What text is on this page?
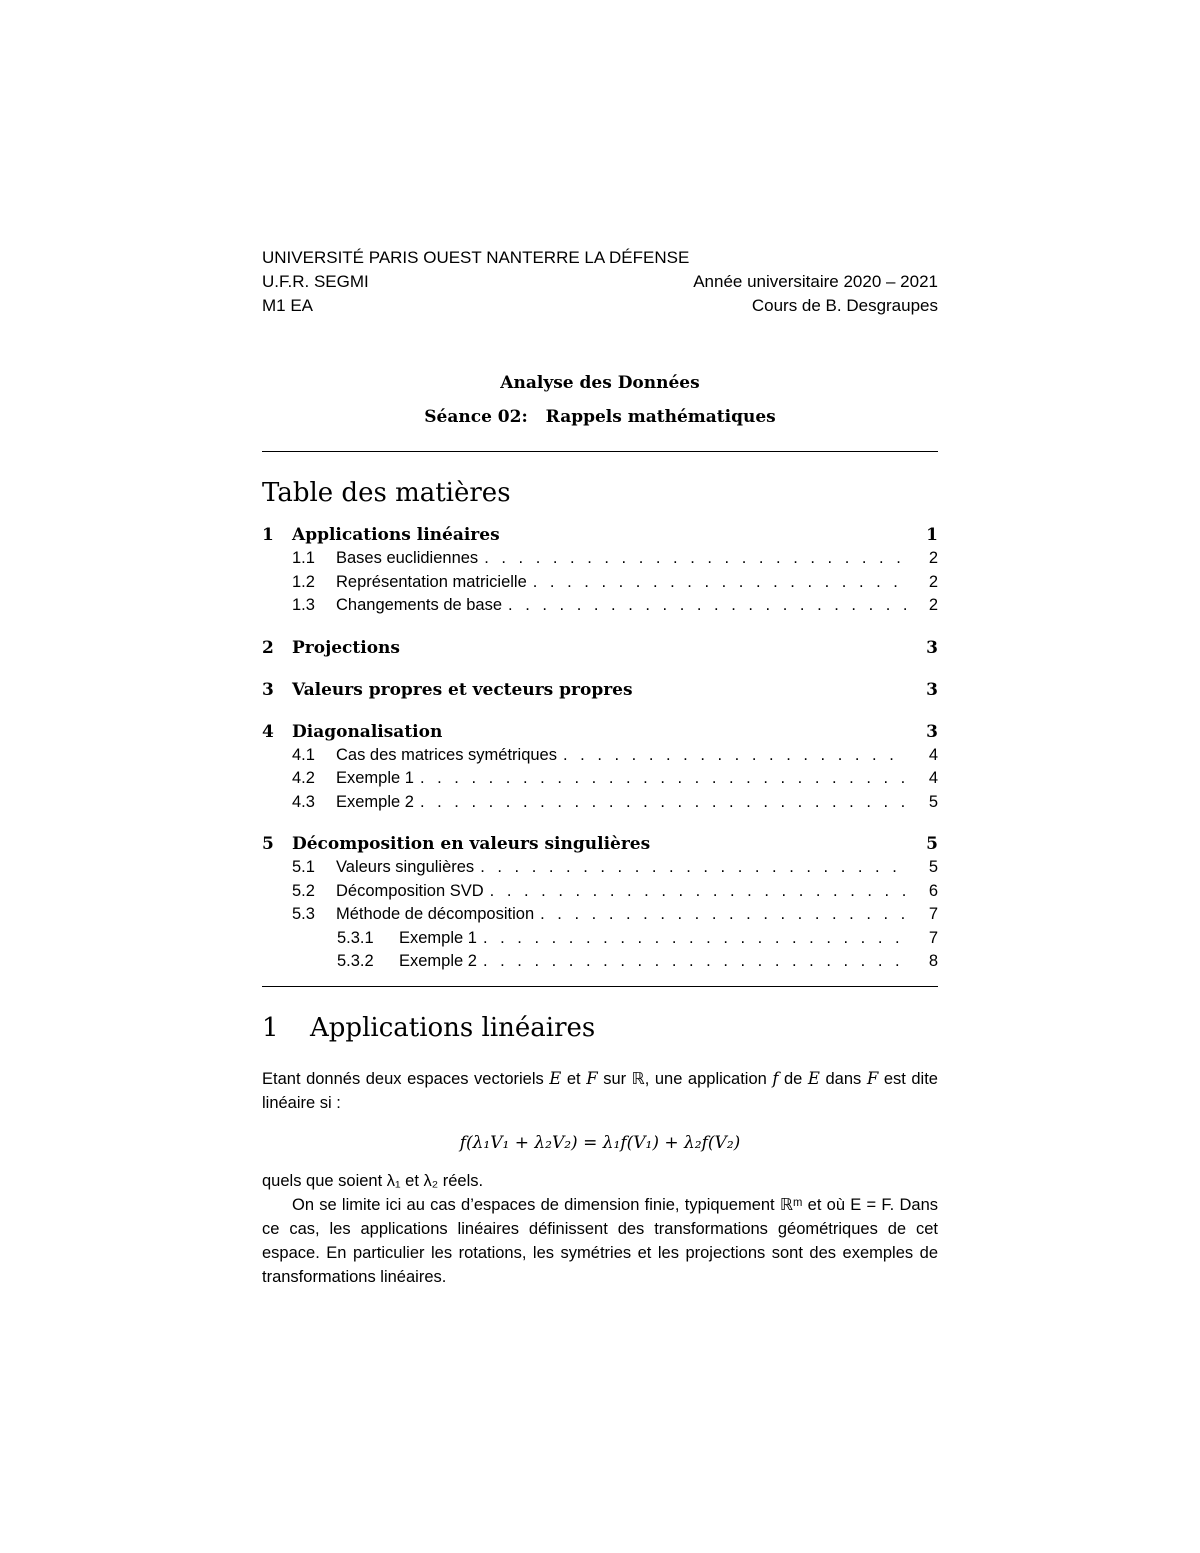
UNIVERSITÉ PARIS OUEST NANTERRE LA DÉFENSE
U.F.R. SEGMI	Année universitaire 2020 – 2021
M1 EA	Cours de B. Desgraupes
Analyse des Données
Séance 02: Rappels mathématiques
Table des matières
1	Applications linéaires	1
1.1	Bases euclidiennes . . .	2
1.2	Représentation matricielle . . .	2
1.3	Changements de base . . .	2
2	Projections	3
3	Valeurs propres et vecteurs propres	3
4	Diagonalisation	3
4.1	Cas des matrices symétriques . . .	4
4.2	Exemple 1 . . .	4
4.3	Exemple 2 . . .	5
5	Décomposition en valeurs singulières	5
5.1	Valeurs singulières . . .	5
5.2	Décomposition SVD . . .	6
5.3	Méthode de décomposition . . .	7
5.3.1	Exemple 1 . . .	7
5.3.2	Exemple 2 . . .	8
1	Applications linéaires
Etant donnés deux espaces vectoriels E et F sur ℝ, une application f de E dans F est dite linéaire si :
f(λ₁V₁ + λ₂V₂) = λ₁f(V₁) + λ₂f(V₂)
quels que soient λ₁ et λ₂ réels.
On se limite ici au cas d’espaces de dimension finie, typiquement ℝᵐ et où E = F. Dans ce cas, les applications linéaires définissent des transformations géométriques de cet espace. En particulier les rotations, les symétries et les projections sont des exemples de transformations linéaires.
